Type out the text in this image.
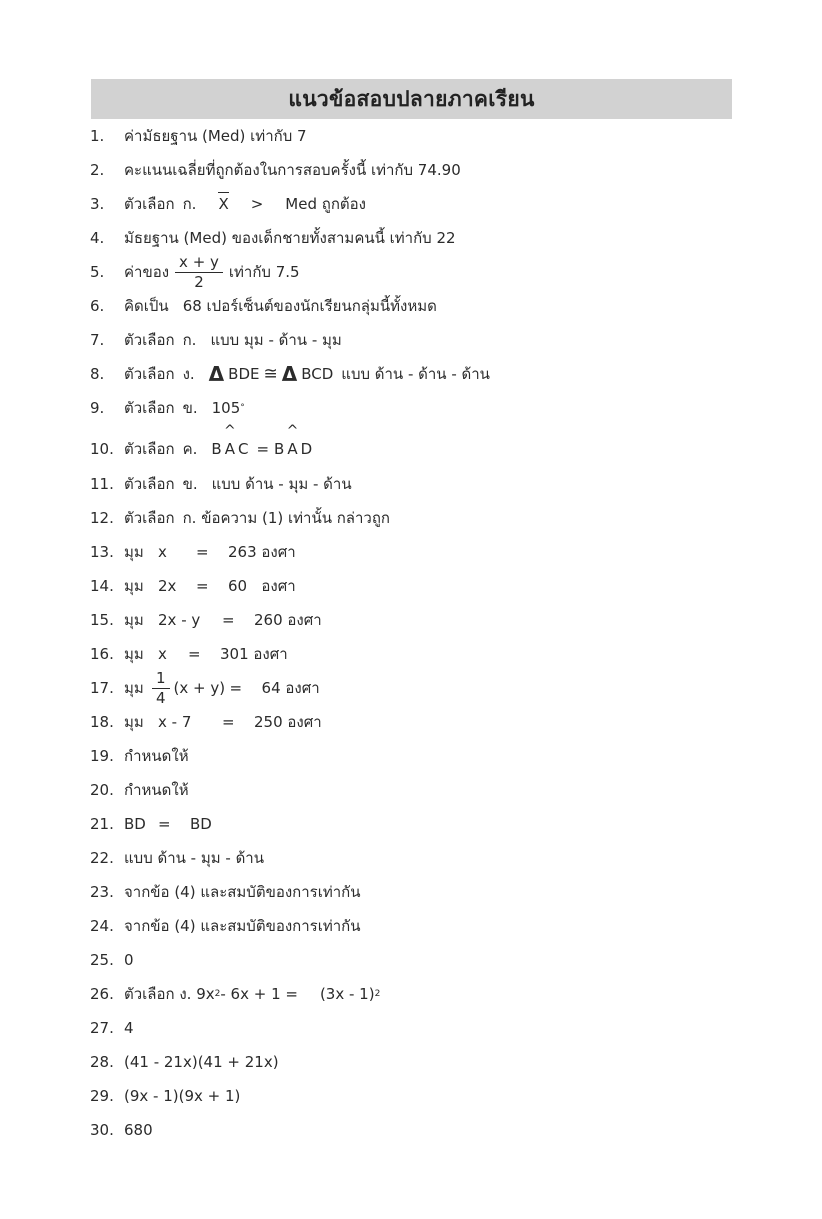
แนวข้อสอบปลายภาคเรียน
1.	ค่ามัธยฐาน (Med) เท่ากับ 7
2.	คะแนนเฉลี่ยที่ถูกต้องในการสอบครั้งนี้ เท่ากับ 74.90
3.	ตัวเลือก ก. X > Med ถูกต้อง
4.	มัธยฐาน (Med) ของเด็กชายทั้งสามคนนี้ เท่ากับ 22
5.	ค่าของ $\frac{x + y}{2}$ เท่ากับ 7.5
6.	คิดเป็น 68 เปอร์เซ็นต์ของนักเรียนกลุ่มนี้ทั้งหมด
7.	ตัวเลือก ก. แบบ มุม - ด้าน - มุม
8.	ตัวเลือก ง. Δ BDE ≅ Δ BCD แบบ ด้าน - ด้าน - ด้าน
9.	ตัวเลือก ข. 105 °
10. ตัวเลือก ค. B^ AC = B^ AD
11. ตัวเลือก ข. แบบ ด้าน - มุม - ด้าน
12. ตัวเลือก ก. ข้อความ (1) เท่านั้น กล่าวถูก
13. มุม x	=	263 องศา
14. มุม 2x	=	60   องศา
15. มุม 2x - y	=	260 องศา
16. มุม x	=	301 องศา
17. มุม $\frac{1}{4} (x + y)$ =	64 องศา
18. มุม x - 7	=	250 องศา
19. กำหนดให้
20. กำหนดให้
21. BD =	BD
22. แบบ ด้าน - มุม - ด้าน
23. จากข้อ (4) และสมบัติของการเท่ากัน
24. จากข้อ (4) และสมบัติของการเท่ากัน
25. 0
26. ตัวเลือก ง. 9x 2 - 6x + 1 = (3x - 1) 2
27. 4
28. (41 - 21x)(41 + 21x)
29. (9x - 1)(9x + 1)
30. 680
